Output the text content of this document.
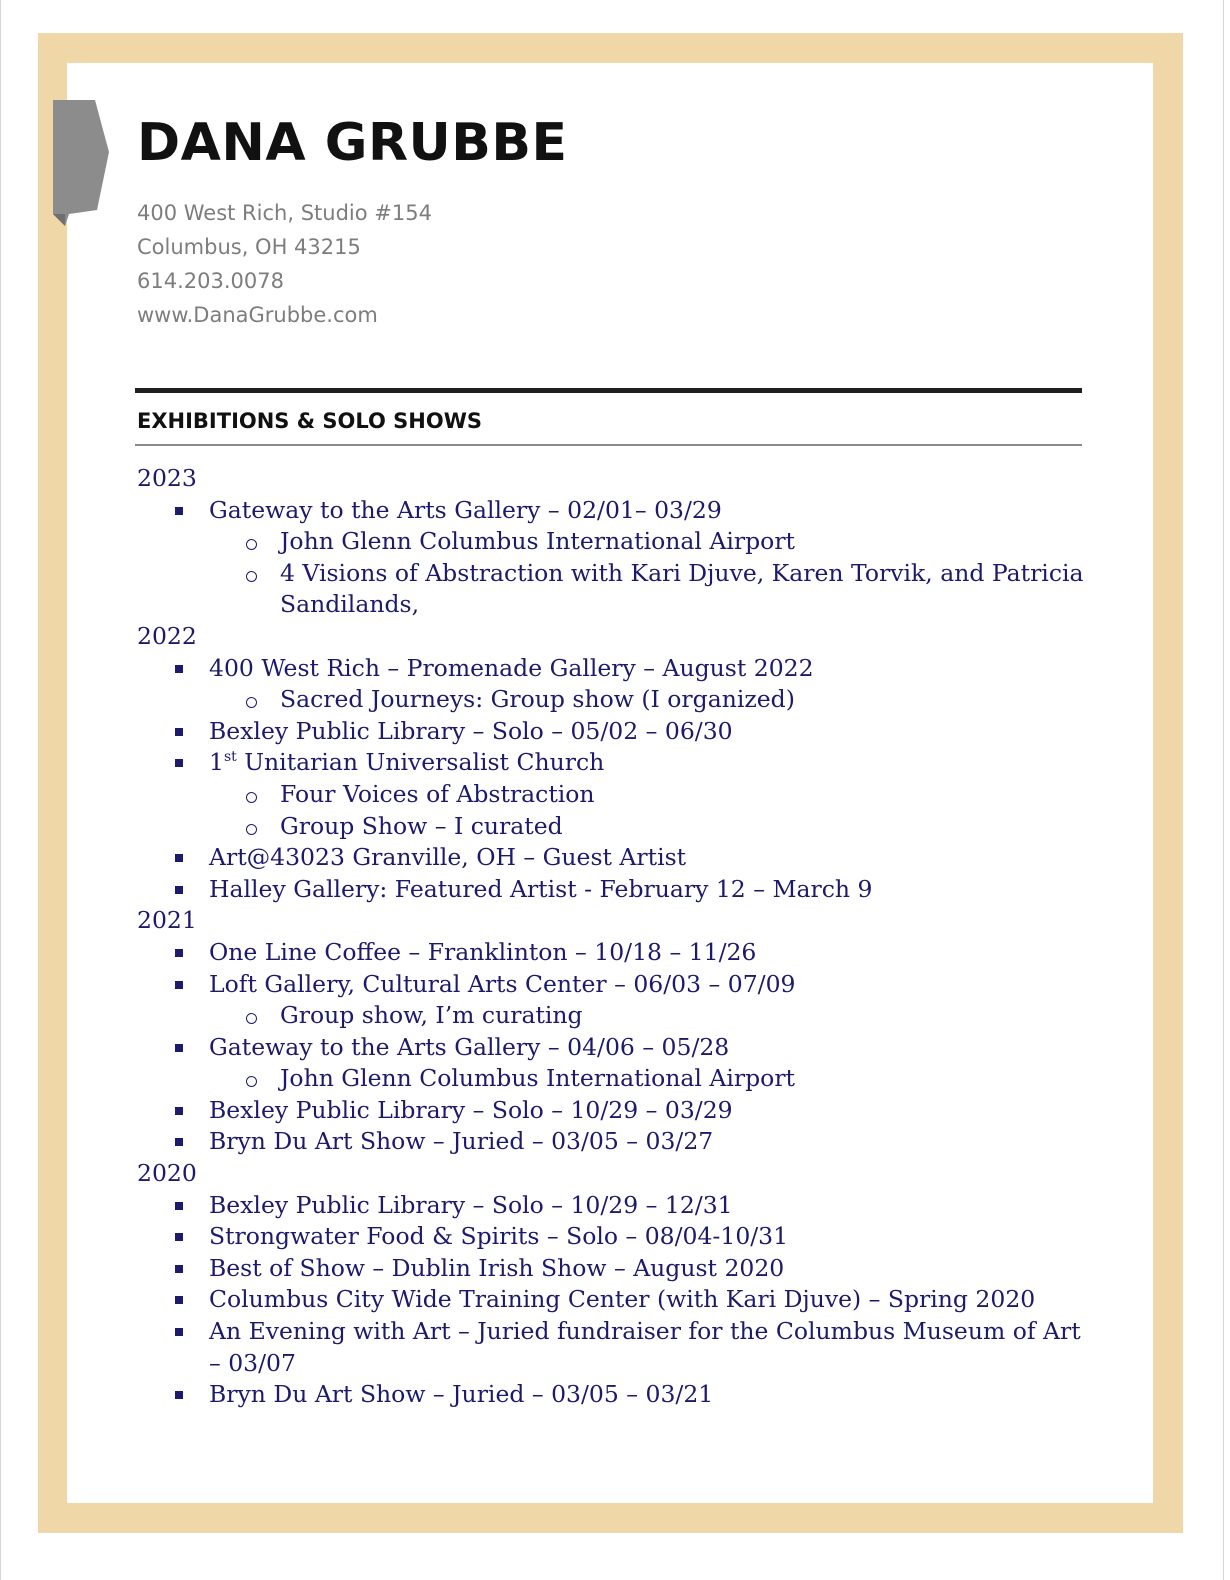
DANA GRUBBE
400 West Rich, Studio #154
Columbus, OH 43215
614.203.0078
www.DanaGrubbe.com
EXHIBITIONS & SOLO SHOWS
2023
Gateway to the Arts Gallery – 02/01– 03/29
John Glenn Columbus International Airport
4 Visions of Abstraction with Kari Djuve, Karen Torvik, and Patricia Sandilands,
2022
400 West Rich – Promenade Gallery – August 2022
Sacred Journeys: Group show (I organized)
Bexley Public Library – Solo – 05/02 – 06/30
1st Unitarian Universalist Church
Four Voices of Abstraction
Group Show – I curated
Art@43023 Granville, OH – Guest Artist
Halley Gallery: Featured Artist - February 12 – March 9
2021
One Line Coffee – Franklinton – 10/18 – 11/26
Loft Gallery, Cultural Arts Center – 06/03 – 07/09
Group show, I’m curating
Gateway to the Arts Gallery – 04/06 – 05/28
John Glenn Columbus International Airport
Bexley Public Library – Solo – 10/29 – 03/29
Bryn Du Art Show – Juried – 03/05 – 03/27
2020
Bexley Public Library – Solo – 10/29 – 12/31
Strongwater Food & Spirits – Solo – 08/04-10/31
Best of Show – Dublin Irish Show – August 2020
Columbus City Wide Training Center (with Kari Djuve) – Spring 2020
An Evening with Art – Juried fundraiser for the Columbus Museum of Art – 03/07
Bryn Du Art Show – Juried – 03/05 – 03/21
